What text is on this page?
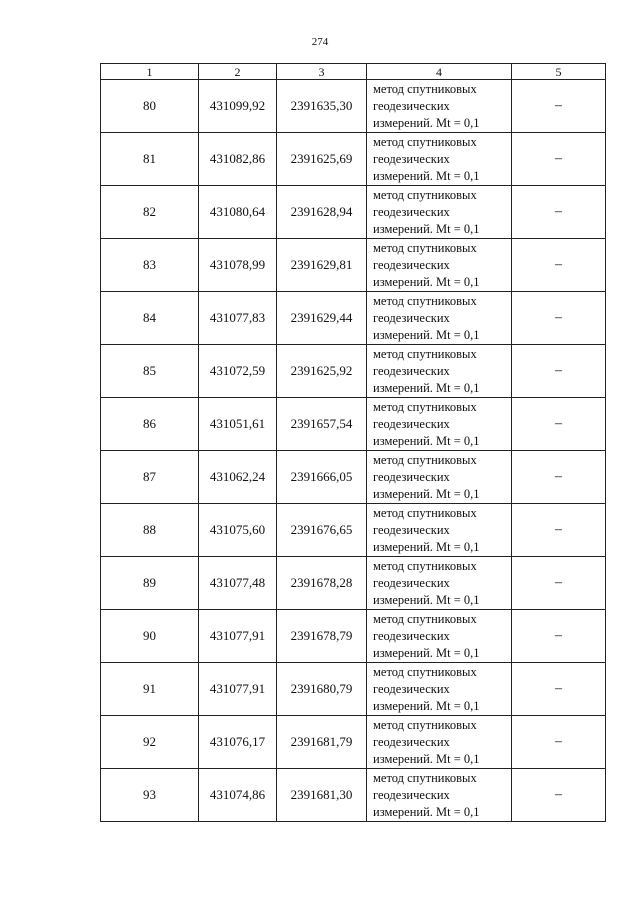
274
1	2	3	4	5
80	431099,92	2391635,30	метод спутниковых
геодезических
измерений. Mt = 0,1	–
81	431082,86	2391625,69	метод спутниковых
геодезических
измерений. Mt = 0,1	–
82	431080,64	2391628,94	метод спутниковых
геодезических
измерений. Mt = 0,1	–
83	431078,99	2391629,81	метод спутниковых
геодезических
измерений. Mt = 0,1	–
84	431077,83	2391629,44	метод спутниковых
геодезических
измерений. Mt = 0,1	–
85	431072,59	2391625,92	метод спутниковых
геодезических
измерений. Mt = 0,1	–
86	431051,61	2391657,54	метод спутниковых
геодезических
измерений. Mt = 0,1	–
87	431062,24	2391666,05	метод спутниковых
геодезических
измерений. Mt = 0,1	–
88	431075,60	2391676,65	метод спутниковых
геодезических
измерений. Mt = 0,1	–
89	431077,48	2391678,28	метод спутниковых
геодезических
измерений. Mt = 0,1	–
90	431077,91	2391678,79	метод спутниковых
геодезических
измерений. Mt = 0,1	–
91	431077,91	2391680,79	метод спутниковых
геодезических
измерений. Mt = 0,1	–
92	431076,17	2391681,79	метод спутниковых
геодезических
измерений. Mt = 0,1	–
93	431074,86	2391681,30	метод спутниковых
геодезических
измерений. Mt = 0,1	–
